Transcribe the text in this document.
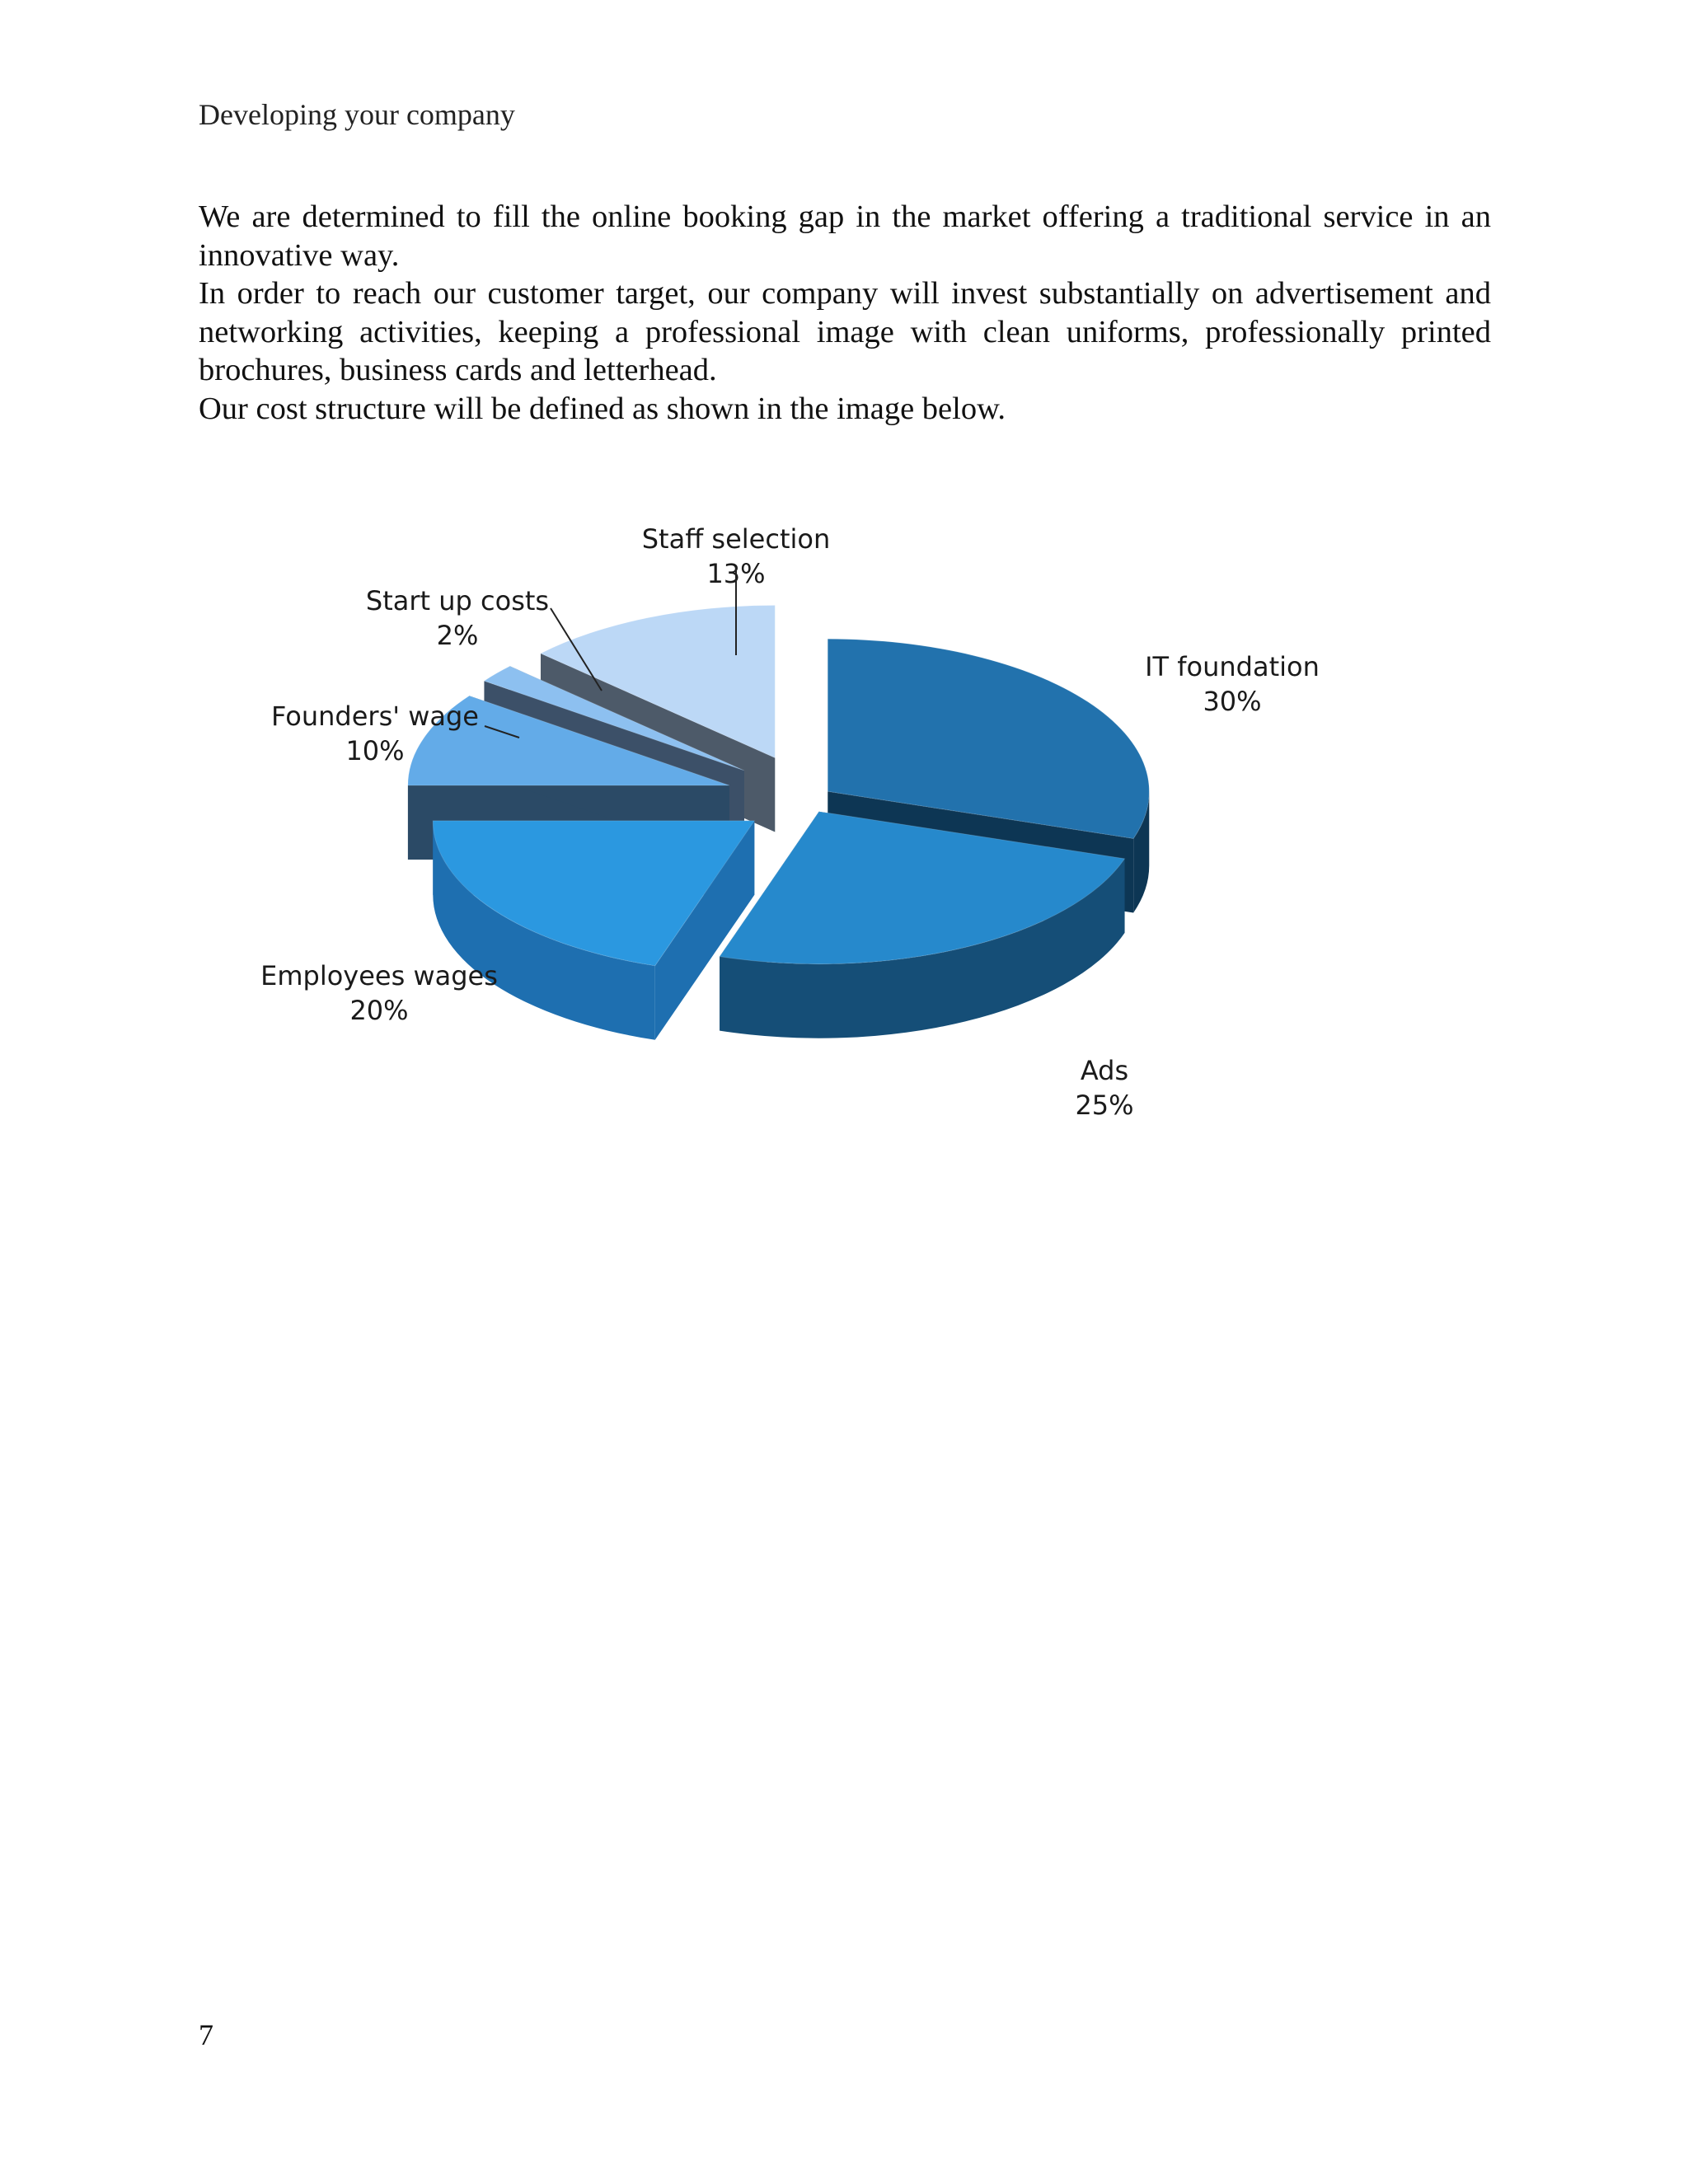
Developing your company

We are determined to fill the online booking gap in the market offering a traditional service in an innovative way.

In order to reach our customer target, our company will invest substantially on advertisement and networking activities, keeping a professional image with clean uniforms, professionally printed brochures, business cards and letterhead.

Our cost structure will be defined as shown in the image below.

IT foundation
30%
Ads
25%
Employees wages
20%
Founders' wage
10%
Start up costs
2%
Staff selection
13%
7
